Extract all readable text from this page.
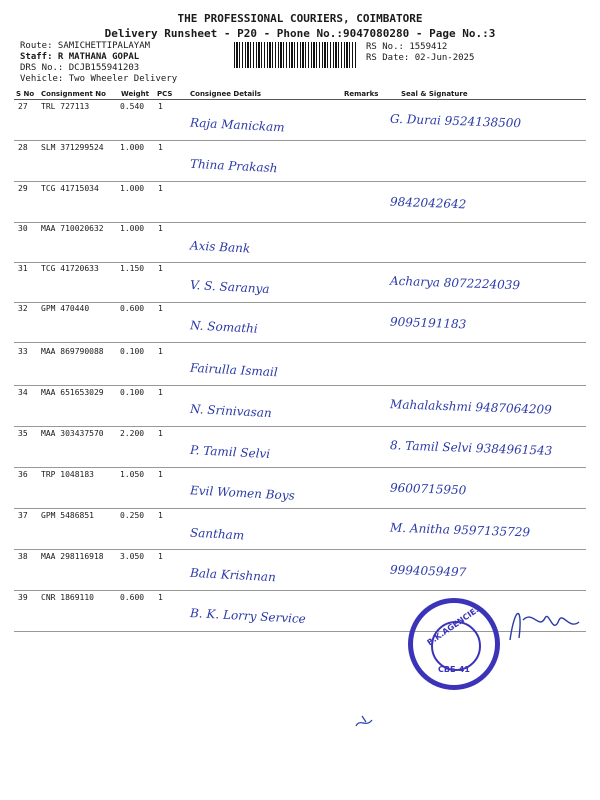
THE PROFESSIONAL COURIERS, COIMBATORE
Delivery Runsheet - P20 - Phone No.:9047080280 - Page No.:3
Route: SAMICHETTIPALAYAM
Staff: R MATHANA GOPAL
DRS No.: DCJB155941203
Vehicle: Two Wheeler Delivery
RS No.: 1559412
RS Date: 02-Jun-2025
S No Consignment No Weight PCS	Consignee Details	Remarks	Seal & Signature
27 TRL 727113	0.540 1
Raja Manickam	G. Durai 9524138500
28 SLM 371299524 1.000 1
Thina Prakash
29 TCG 41715034	1.000 1
9842042642
30 MAA 710020632 1.000 1
Axis Bank
31 TCG 41720633	1.150 1
V. S. Saranya	Acharya 8072224039
32 GPM 470440	0.600 1
N. Somathi	9095191183
33 MAA 869790088 0.100 1
Fairulla Ismail
34 MAA 651653029 0.100 1
N. Srinivasan	Mahalakshmi 9487064209
35 MAA 303437570 2.200 1
P. Tamil Selvi	8. Tamil Selvi 9384961543
36 TRP 1048183	1.050 1
Evil Women Boys	9600715950
37 GPM 5486851	0.250 1
Santham	M. Anitha 9597135729
38 MAA 298116918 3.050 1
Bala Krishnan	9994059497
39 CNR 1869110	0.600 1
B. K. Lorry Service	B.K.AGENCIES
CBE-41
